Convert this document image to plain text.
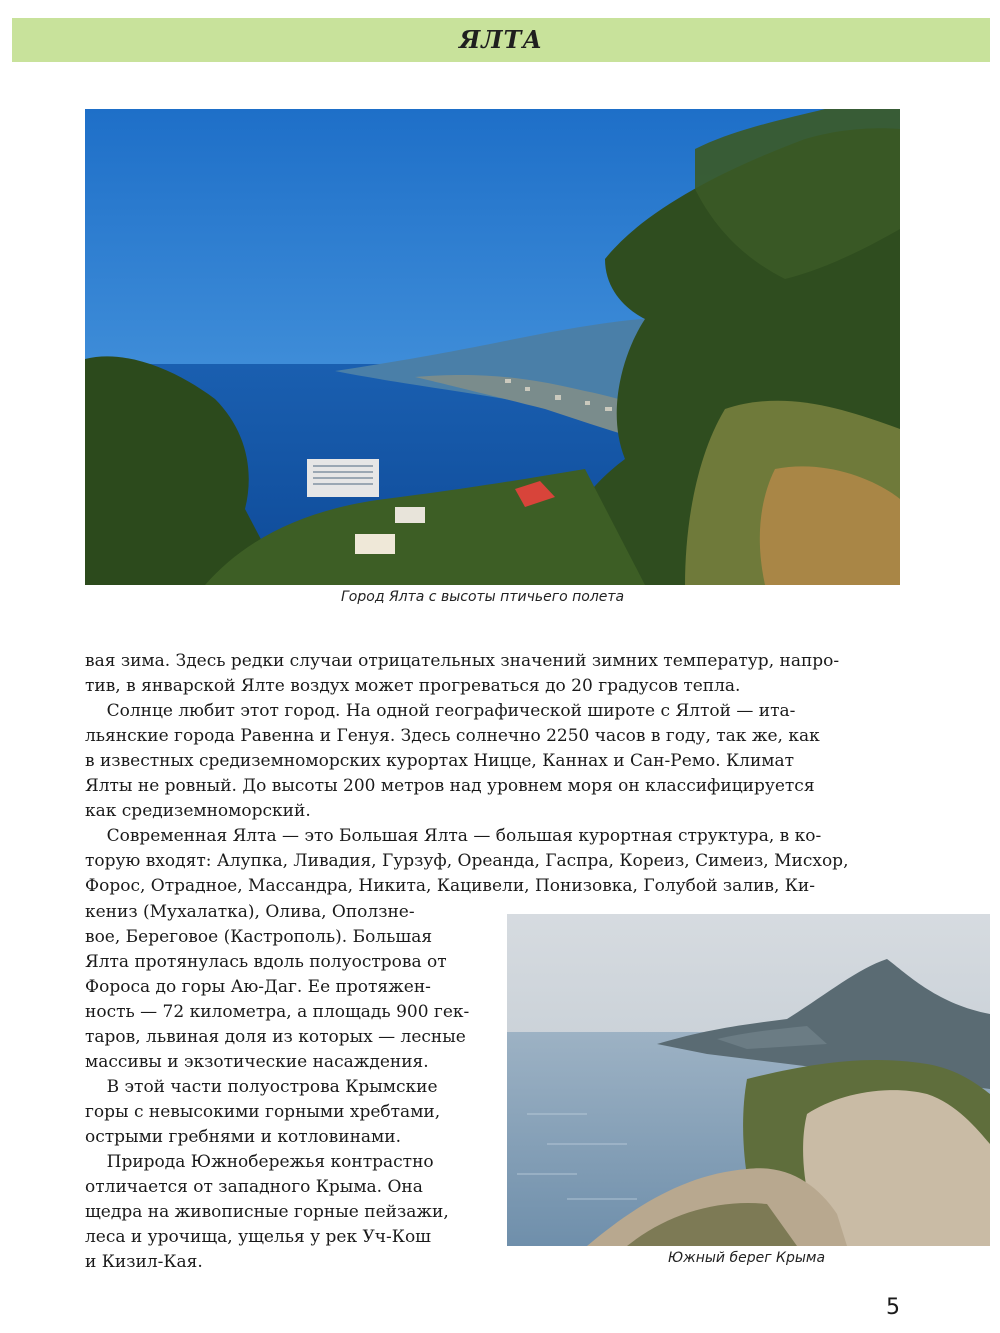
ЯЛТА
Город Ялта с высоты птичьего полета
вая зима. Здесь редки случаи отрицательных значений зимних температур, напро-
тив, в январской Ялте воздух может прогреваться до 20 градусов тепла.
Солнце любит этот город. На одной географической широте с Ялтой — ита-
льянские города Равенна и Генуя. Здесь солнечно 2250 часов в году, так же, как
в известных средиземноморских курортах Ницце, Каннах и Сан-Ремо. Климат
Ялты не ровный. До высоты 200 метров над уровнем моря он классифицируется
как средиземноморский.
Современная Ялта — это Большая Ялта — большая курортная структура, в ко-
торую входят: Алупка, Ливадия, Гурзуф, Ореанда, Гаспра, Кореиз, Симеиз, Мисхор,
Форос, Отрадное, Массандра, Никита, Кацивели, Понизовка, Голубой залив, Ки-
кениз (Мухалатка), Олива, Оползне-
вое, Береговое (Кастрополь). Большая
Ялта протянулась вдоль полуострова от
Фороса до горы Аю-Даг. Ее протяжен-
ность — 72 километра, а площадь 900 гек-
таров, львиная доля из которых — лесные
массивы и экзотические насаждения.
В этой части полуострова Крымские
горы с невысокими горными хребтами,
острыми гребнями и котловинами.
Природа Южнобережья контрастно
отличается от западного Крыма. Она
щедра на живописные горные пейзажи,
леса и урочища, ущелья у рек Уч-Кош
и Кизил-Кая.	Южный берег Крыма
5
